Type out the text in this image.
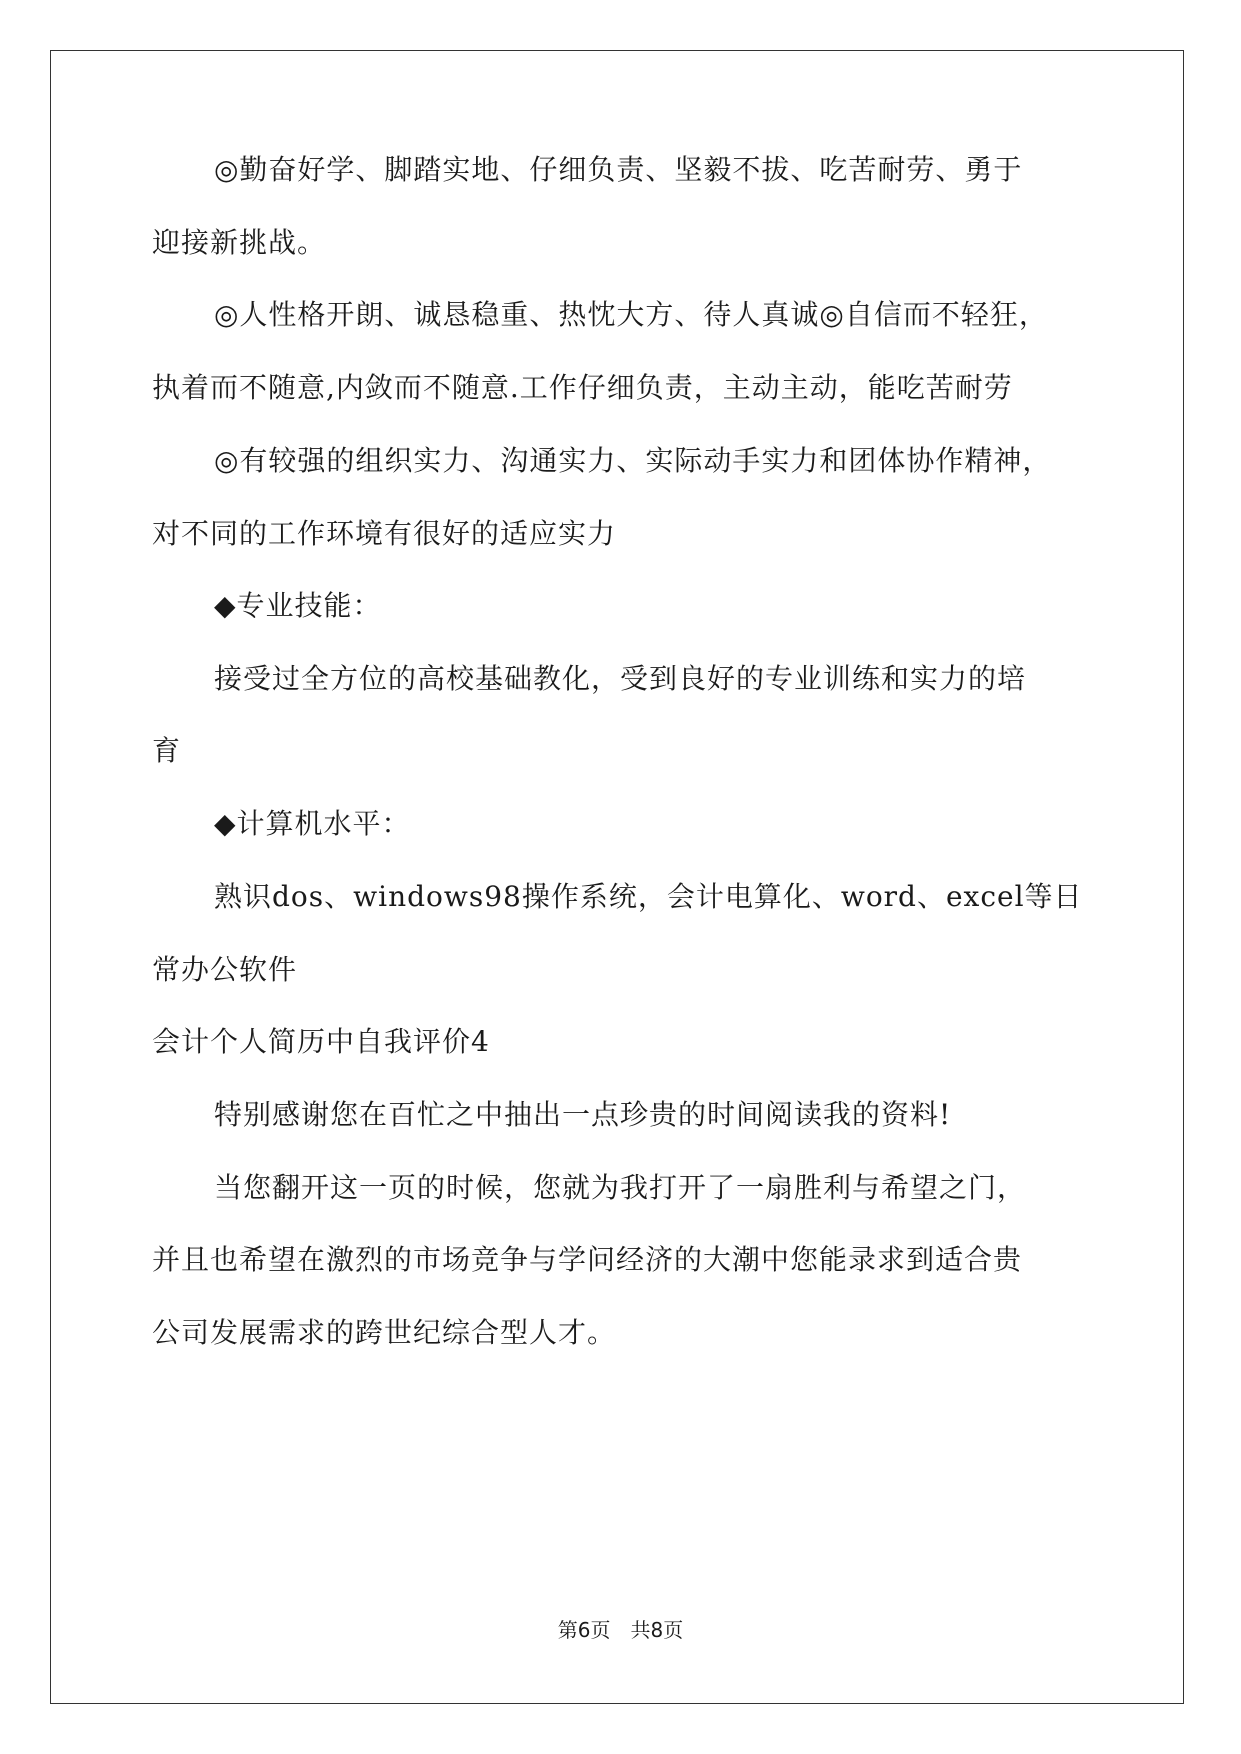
◎勤奋好学、脚踏实地、仔细负责、坚毅不拔、吃苦耐劳、勇于
迎接新挑战。
◎人性格开朗、诚恳稳重、热忱大方、待人真诚◎自信而不轻狂，
执着而不随意,内敛而不随意.工作仔细负责，主动主动，能吃苦耐劳
◎有较强的组织实力、沟通实力、实际动手实力和团体协作精神，
对不同的工作环境有很好的适应实力
◆专业技能：
接受过全方位的高校基础教化，受到良好的专业训练和实力的培
育
◆计算机水平：
熟识dos、windows98操作系统，会计电算化、word、excel等日
常办公软件
会计个人简历中自我评价4
特别感谢您在百忙之中抽出一点珍贵的时间阅读我的资料!
当您翻开这一页的时候，您就为我打开了一扇胜利与希望之门，
并且也希望在激烈的市场竞争与学问经济的大潮中您能录求到适合贵
公司发展需求的跨世纪综合型人才。
第6页　共8页
